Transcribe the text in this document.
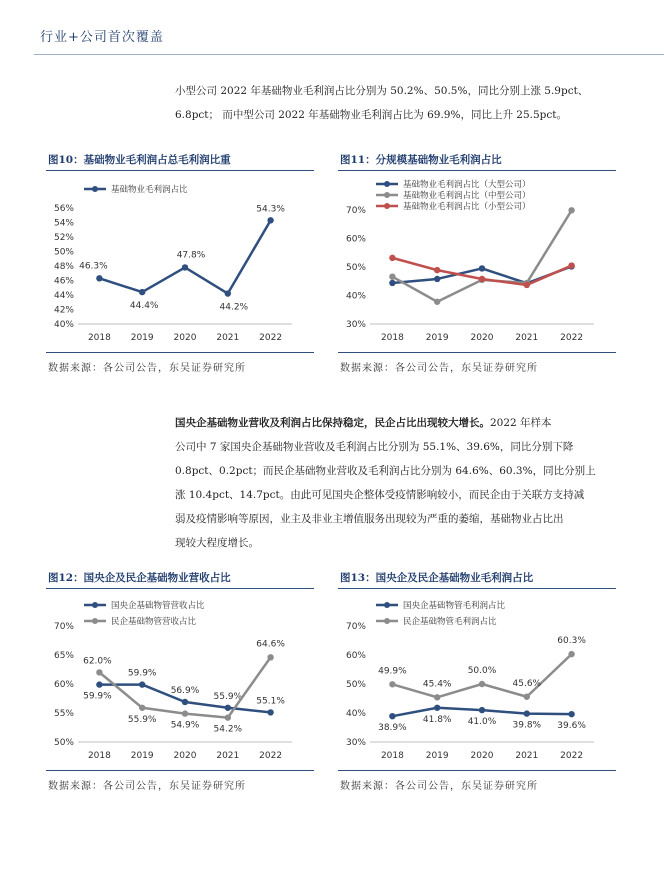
行业+公司首次覆盖

小型公司 2022 年基础物业毛利润占比分别为 50.2%、50.5%，同比分别上涨 5.9pct、
6.8pct； 而中型公司 2022 年基础物业毛利润占比为 69.9%，同比上升 25.5pct。

图10：基础物业毛利润占总毛利润比重	图11：分规模基础物业毛利润占比
40%
42%
44%
46%
48%
50%
52%
54%
56%
2018 2019 2020 2021 2022
基础物业毛利润占比
46.3%
44.4%
47.8%
44.2%
54.3%
30%
40%
50%
60%
70%
2018 2019 2020 2021 2022
基础物业毛利润占比（大型公司）
基础物业毛利润占比（中型公司）
基础物业毛利润占比（小型公司）
数据来源：各公司公告，东吴证券研究所	数据来源：各公司公告，东吴证券研究所

国央企基础物业营收及利润占比保持稳定，民企占比出现较大增长。2022 年样本
公司中 7 家国央企基础物业营收及毛利润占比分别为 55.1%、39.6%，同比分别下降
0.8pct、0.2pct；而民企基础物业营收及毛利润占比分别为 64.6%、60.3%，同比分别上
涨 10.4pct、14.7pct。由此可见国央企整体受疫情影响较小，而民企由于关联方支持减
弱及疫情影响等原因，业主及非业主增值服务出现较为严重的萎缩，基础物业占比出
现较大程度增长。

图12：国央企及民企基础物业营收占比	图13：国央企及民企基础物业毛利润占比
50%
55%
60%
65%
70%
2018 2019 2020 2021 2022
国央企基础物管营收占比
民企基础物管营收占比
59.9%
59.9%
56.9%
55.9% 55.1%
62.0%
55.9%
54.9% 54.2%
64.6%
30%
40%
50%
60%
70%
2018 2019 2020 2021 2022
国央企基础物管毛利润占比
民企基础物管毛利润占比
38.9%
41.8% 41.0% 39.8% 39.6%
49.9%
45.4%
50.0%
45.6%
60.3%
数据来源：各公司公告，东吴证券研究所	数据来源：各公司公告，东吴证券研究所
